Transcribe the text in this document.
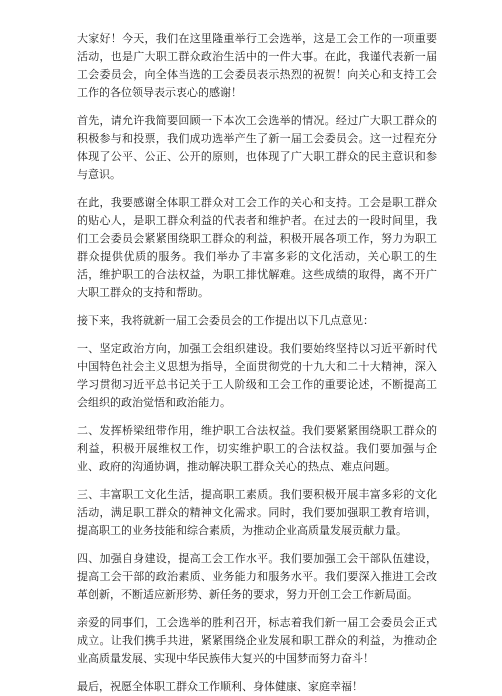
大家好！今天，我们在这里隆重举行工会选举，这是工会工作的一项重要活动，也是广大职工群众政治生活中的一件大事。在此，我谨代表新一届工会委员会，向全体当选的工会委员表示热烈的祝贺！向关心和支持工会工作的各位领导表示衷心的感谢！

首先，请允许我简要回顾一下本次工会选举的情况。经过广大职工群众的积极参与和投票，我们成功选举产生了新一届工会委员会。这一过程充分体现了公平、公正、公开的原则，也体现了广大职工群众的民主意识和参与意识。

在此，我要感谢全体职工群众对工会工作的关心和支持。工会是职工群众的贴心人，是职工群众利益的代表者和维护者。在过去的一段时间里，我们工会委员会紧紧围绕职工群众的利益，积极开展各项工作，努力为职工群众提供优质的服务。我们举办了丰富多彩的文化活动，关心职工的生活，维护职工的合法权益，为职工排忧解难。这些成绩的取得，离不开广大职工群众的支持和帮助。

接下来，我将就新一届工会委员会的工作提出以下几点意见：

一、坚定政治方向，加强工会组织建设。我们要始终坚持以习近平新时代中国特色社会主义思想为指导，全面贯彻党的十九大和二十大精神，深入学习贯彻习近平总书记关于工人阶级和工会工作的重要论述，不断提高工会组织的政治觉悟和政治能力。

二、发挥桥梁纽带作用，维护职工合法权益。我们要紧紧围绕职工群众的利益，积极开展维权工作，切实维护职工的合法权益。我们要加强与企业、政府的沟通协调，推动解决职工群众关心的热点、难点问题。

三、丰富职工文化生活，提高职工素质。我们要积极开展丰富多彩的文化活动，满足职工群众的精神文化需求。同时，我们要加强职工教育培训，提高职工的业务技能和综合素质，为推动企业高质量发展贡献力量。

四、加强自身建设，提高工会工作水平。我们要加强工会干部队伍建设，提高工会干部的政治素质、业务能力和服务水平。我们要深入推进工会改革创新，不断适应新形势、新任务的要求，努力开创工会工作新局面。

亲爱的同事们，工会选举的胜利召开，标志着我们新一届工会委员会正式成立。让我们携手共进，紧紧围绕企业发展和职工群众的利益，为推动企业高质量发展、实现中华民族伟大复兴的中国梦而努力奋斗！

最后，祝愿全体职工群众工作顺利、身体健康、家庭幸福！
